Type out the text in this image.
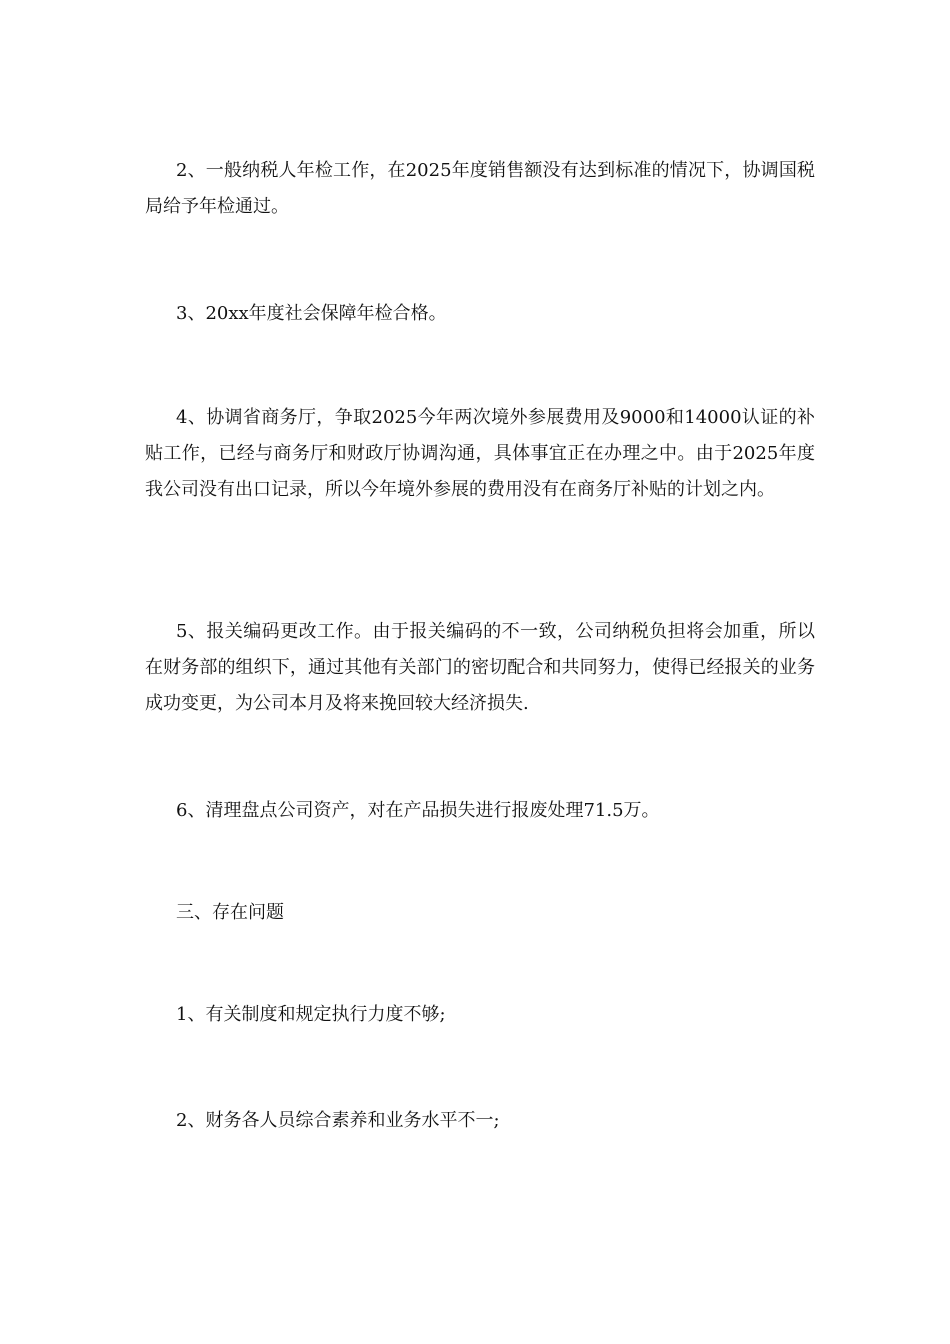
2、一般纳税人年检工作，在2025年度销售额没有达到标准的情况下，协调国税局给予年检通过。

3、20xx年度社会保障年检合格。

4、协调省商务厅，争取2025今年两次境外参展费用及9000和14000认证的补贴工作，已经与商务厅和财政厅协调沟通，具体事宜正在办理之中。由于2025年度我公司没有出口记录，所以今年境外参展的费用没有在商务厅补贴的计划之内。

5、报关编码更改工作。由于报关编码的不一致，公司纳税负担将会加重，所以在财务部的组织下，通过其他有关部门的密切配合和共同努力，使得已经报关的业务成功变更，为公司本月及将来挽回较大经济损失.

6、清理盘点公司资产，对在产品损失进行报废处理71.5万。

三、存在问题

1、有关制度和规定执行力度不够;

2、财务各人员综合素养和业务水平不一;
